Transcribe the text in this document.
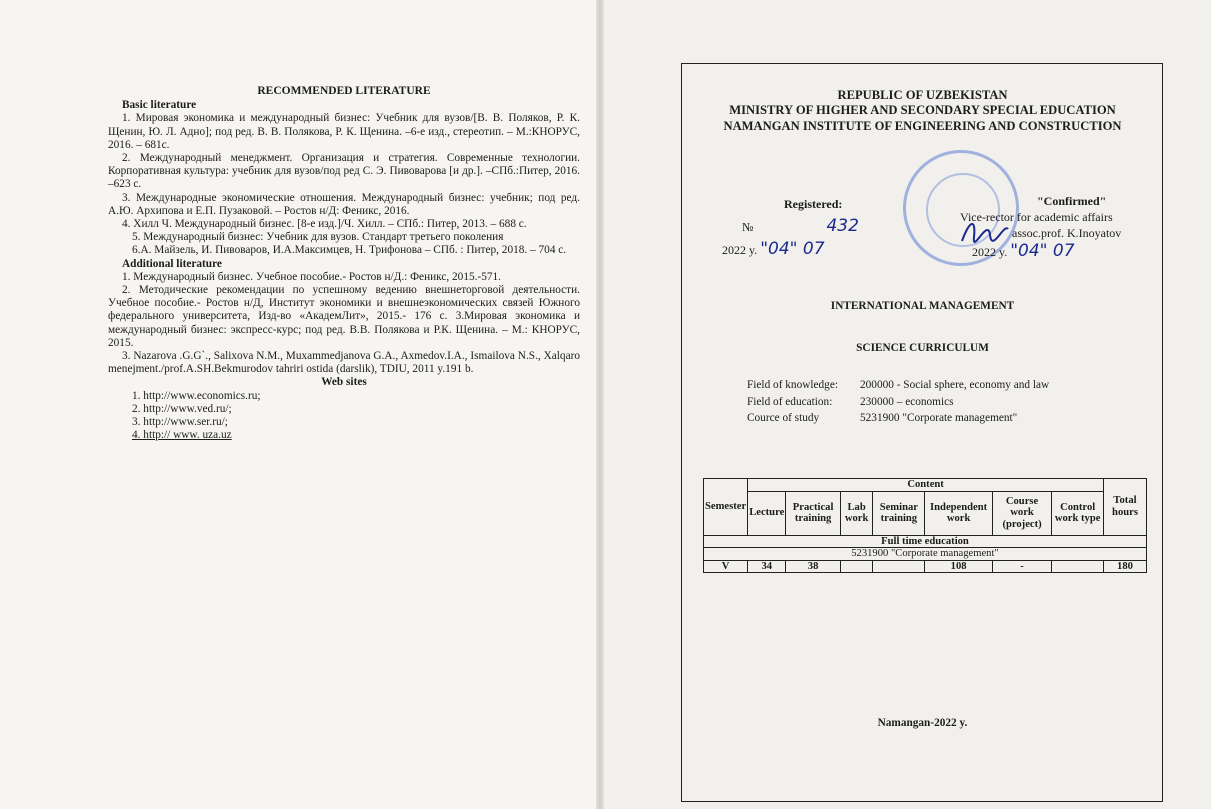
RECOMMENDED LITERATURE
Basic literature

1. Мировая экономика и международный бизнес: Учебник для вузов/[В. В. Поляков, Р. К. Щенин, Ю. Л. Адно]; под ред. В. В. Полякова, Р. К. Щенина. –6-е изд., стереотип. – М.:КНОРУС, 2016. – 681с.

2. Международный менеджмент. Организация и стратегия. Современные технологии. Корпоративная культура: учебник для вузов/под ред С. Э. Пивоварова [и др.]. –СПб.:Питер, 2016. –623 с.

3. Международные экономические отношения. Международный бизнес: учебник; под ред. А.Ю. Архипова и Е.П. Пузаковой. – Ростов н/Д: Феникс, 2016.

4. Хилл Ч. Международный бизнес. [8-е изд.]/Ч. Хилл. – СПб.: Питер, 2013. – 688 с.

5. Международный бизнес: Учебник для вузов. Стандарт третьего поколения

6.А. Майзель, И. Пивоваров, И.А.Максимцев, Н. Трифонова – СПб. : Питер, 2018. – 704 с.

Additional literature

1. Международный бизнес. Учебное пособие.- Ростов н/Д.: Феникс, 2015.-571.

2. Методические рекомендации по успешному ведению внешнеторговой деятельности. Учебное пособие.- Ростов н/Д, Институт экономики и внешнеэкономических связей Южного федерального университета, Изд-во «АкадемЛит», 2015.- 176 с. 3.Мировая экономика и международный бизнес: экспресс-курс; под ред. В.В. Полякова и Р.К. Щенина. – М.: КНОРУС, 2015.

3. Nazarova .G.G`., Salixova N.M., Muxammedjanova G.A., Axmedov.I.A., Ismailova N.S., Xalqaro menejment./prof.A.SH.Bekmurodov tahriri ostida (darslik), TDIU, 2011 y.191 b.

Web sites
1. http://www.economics.ru;
2. http://www.ved.ru/;
3. http://www.ser.ru/;
4. http:// www. uza.uz
REPUBLIC OF UZBEKISTAN
MINISTRY OF HIGHER AND SECONDARY SPECIAL EDUCATION
NAMANGAN INSTITUTE OF ENGINEERING AND CONSTRUCTION
Registered:
№	432
2022 y. "04" 07
"Confirmed"
Vice-rector for academic affairs
assoc.prof. K.Inoyatov
2022 y. "04" 07
INTERNATIONAL MANAGEMENT
SCIENCE CURRICULUM
Field of knowledge:	200000 - Social sphere, economy and law
Field of education:	230000 – economics
Cource of study	5231900 "Corporate management"
Semester	Content							Total hours
	Lecture	Practical training	Lab work	Seminar training	Independent work	Course work (project)	Control work type	
Full time education								
5231900 "Corporate management"								
V	34	38			108	-		180
Namangan-2022 y.
